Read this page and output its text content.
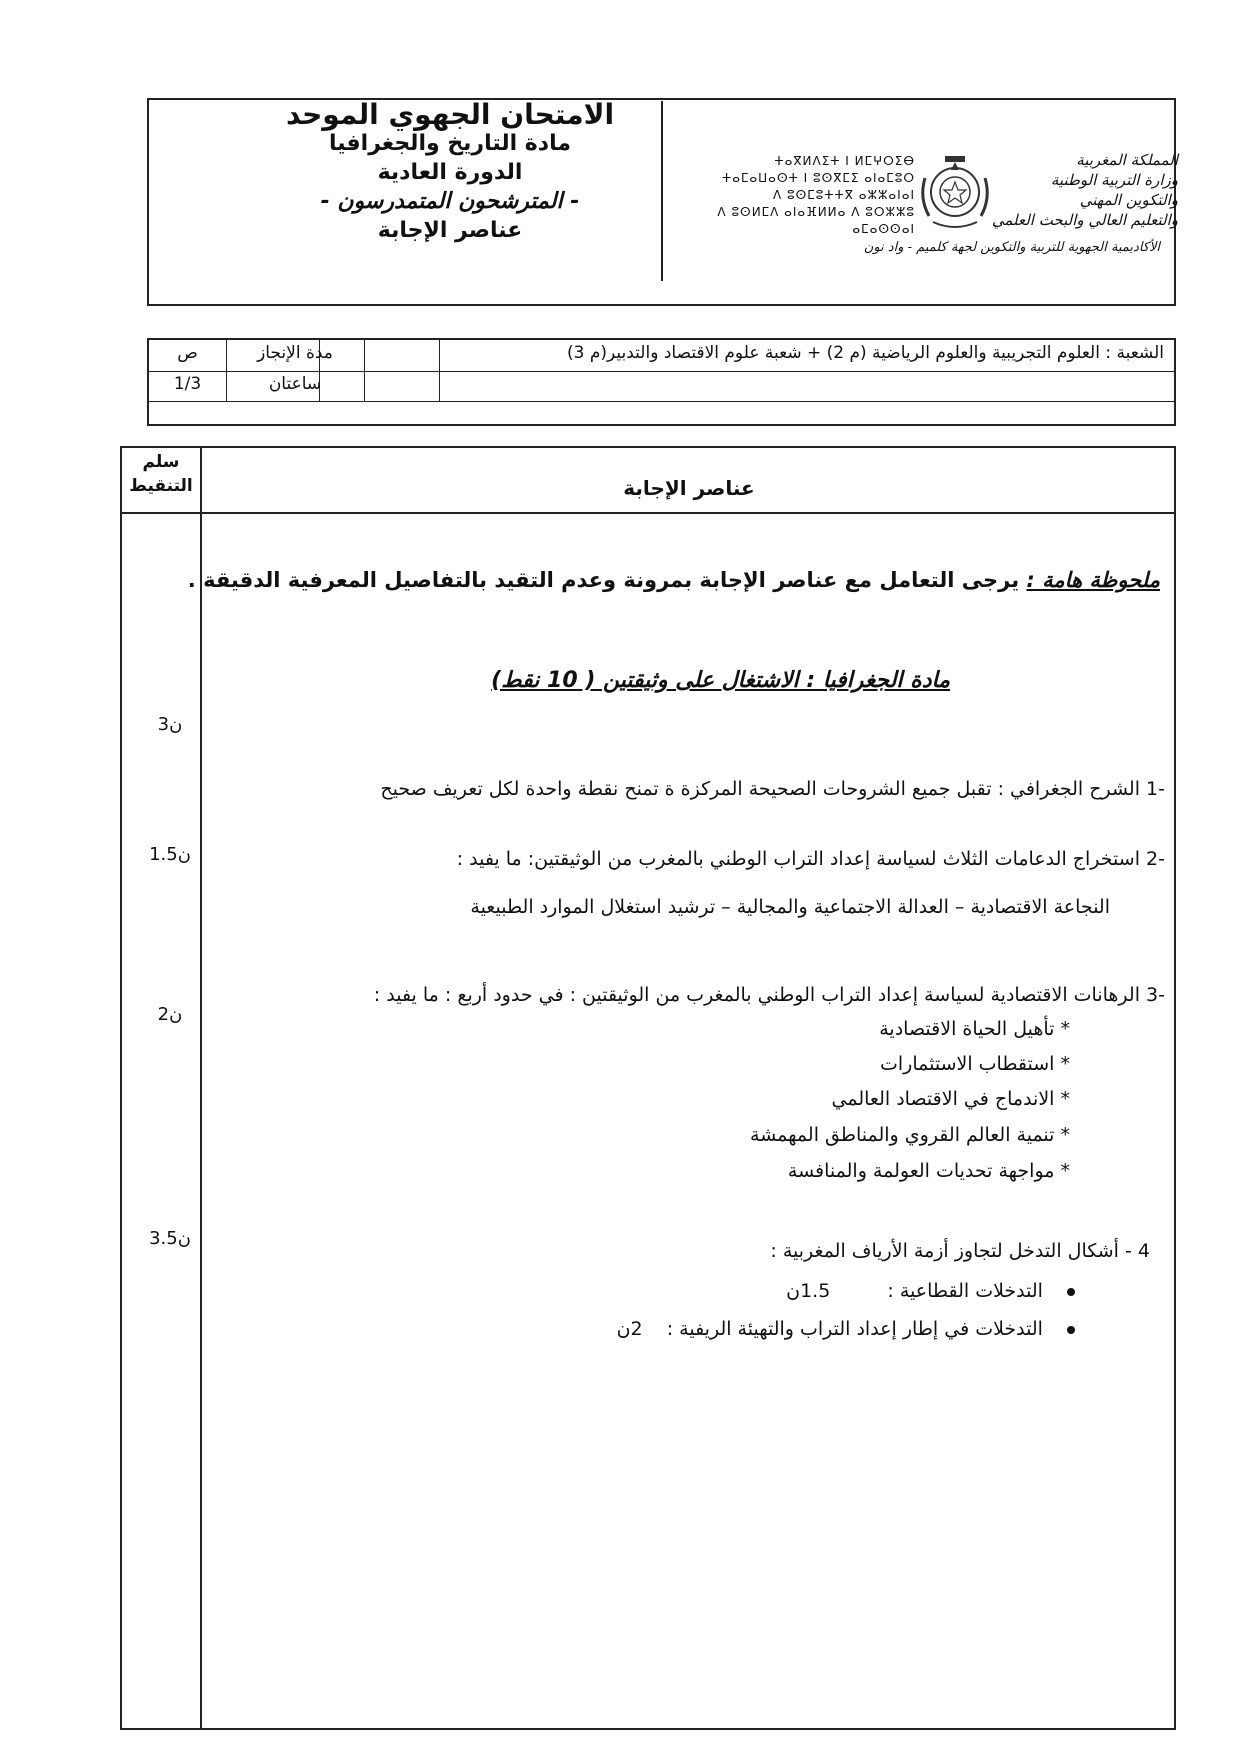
الامتحان الجهوي الموحد
مادة التاريخ والجغرافيا
الدورة العادية
- المترشحون المتمدرسون -
عناصر الإجابة
ⵜⴰⴳⵍⴷⵉⵜ ⵏ ⵍⵎⵖⵔⵉⴱ
ⵜⴰⵎⴰⵡⴰⵙⵜ ⵏ ⵓⵙⴳⵎⵉ ⴰⵏⴰⵎⵓⵔ
ⴷ ⵓⵙⵎⵓⵜⵜⴳ ⴰⵣⵣⴰⵏⴰⵏ
ⴷ ⵓⵙⵍⵎⴷ ⴰⵏⴰⴼⵍⵍⴰ ⴷ ⵓⵔⵣⵣⵓ ⴰⵎⴰⵙⵙⴰⵏ
المملكة المغربية
وزارة التربية الوطنية
والتكوين المهني
والتعليم العالي والبحث العلمي
الأكاديمية الجهوية للتربية والتكوين لجهة كلميم - واد نون
ص
1/3
مدة الإنجاز
ساعتان
الشعبة : العلوم التجريبية والعلوم الرياضية (م 2) + شعبة علوم الاقتصاد والتدبير(م 3)
سلم التنقيط	عناصر الإجابة
ملحوظة هامة : يرجى التعامل مع عناصر الإجابة بمرونة وعدم التقيد بالتفاصيل المعرفية الدقيقة .
مادة الجغرافيا : الاشتغال على وثيقتين ( 10 نقط)
3ن
1.5ن
2ن
3.5ن
-1 الشرح الجغرافي : تقبل جميع الشروحات الصحيحة المركزة ة تمنح نقطة واحدة لكل تعريف صحيح
-2 استخراج الدعامات الثلاث لسياسة إعداد التراب الوطني بالمغرب من الوثيقتين: ما يفيد :
النجاعة الاقتصادية – العدالة الاجتماعية والمجالية – ترشيد استغلال الموارد الطبيعية
-3 الرهانات الاقتصادية لسياسة إعداد التراب الوطني بالمغرب من الوثيقتين : في حدود أربع : ما يفيد :
* تأهيل الحياة الاقتصادية
* استقطاب الاستثمارات
* الاندماج في الاقتصاد العالمي
* تنمية العالم القروي والمناطق المهمشة
* مواجهة تحديات العولمة والمنافسة
4 - أشكال التدخل لتجاوز أزمة الأرياف المغربية :
التدخلات القطاعية :  1.5ن
التدخلات في إطار إعداد التراب والتهيئة الريفية :  2ن
